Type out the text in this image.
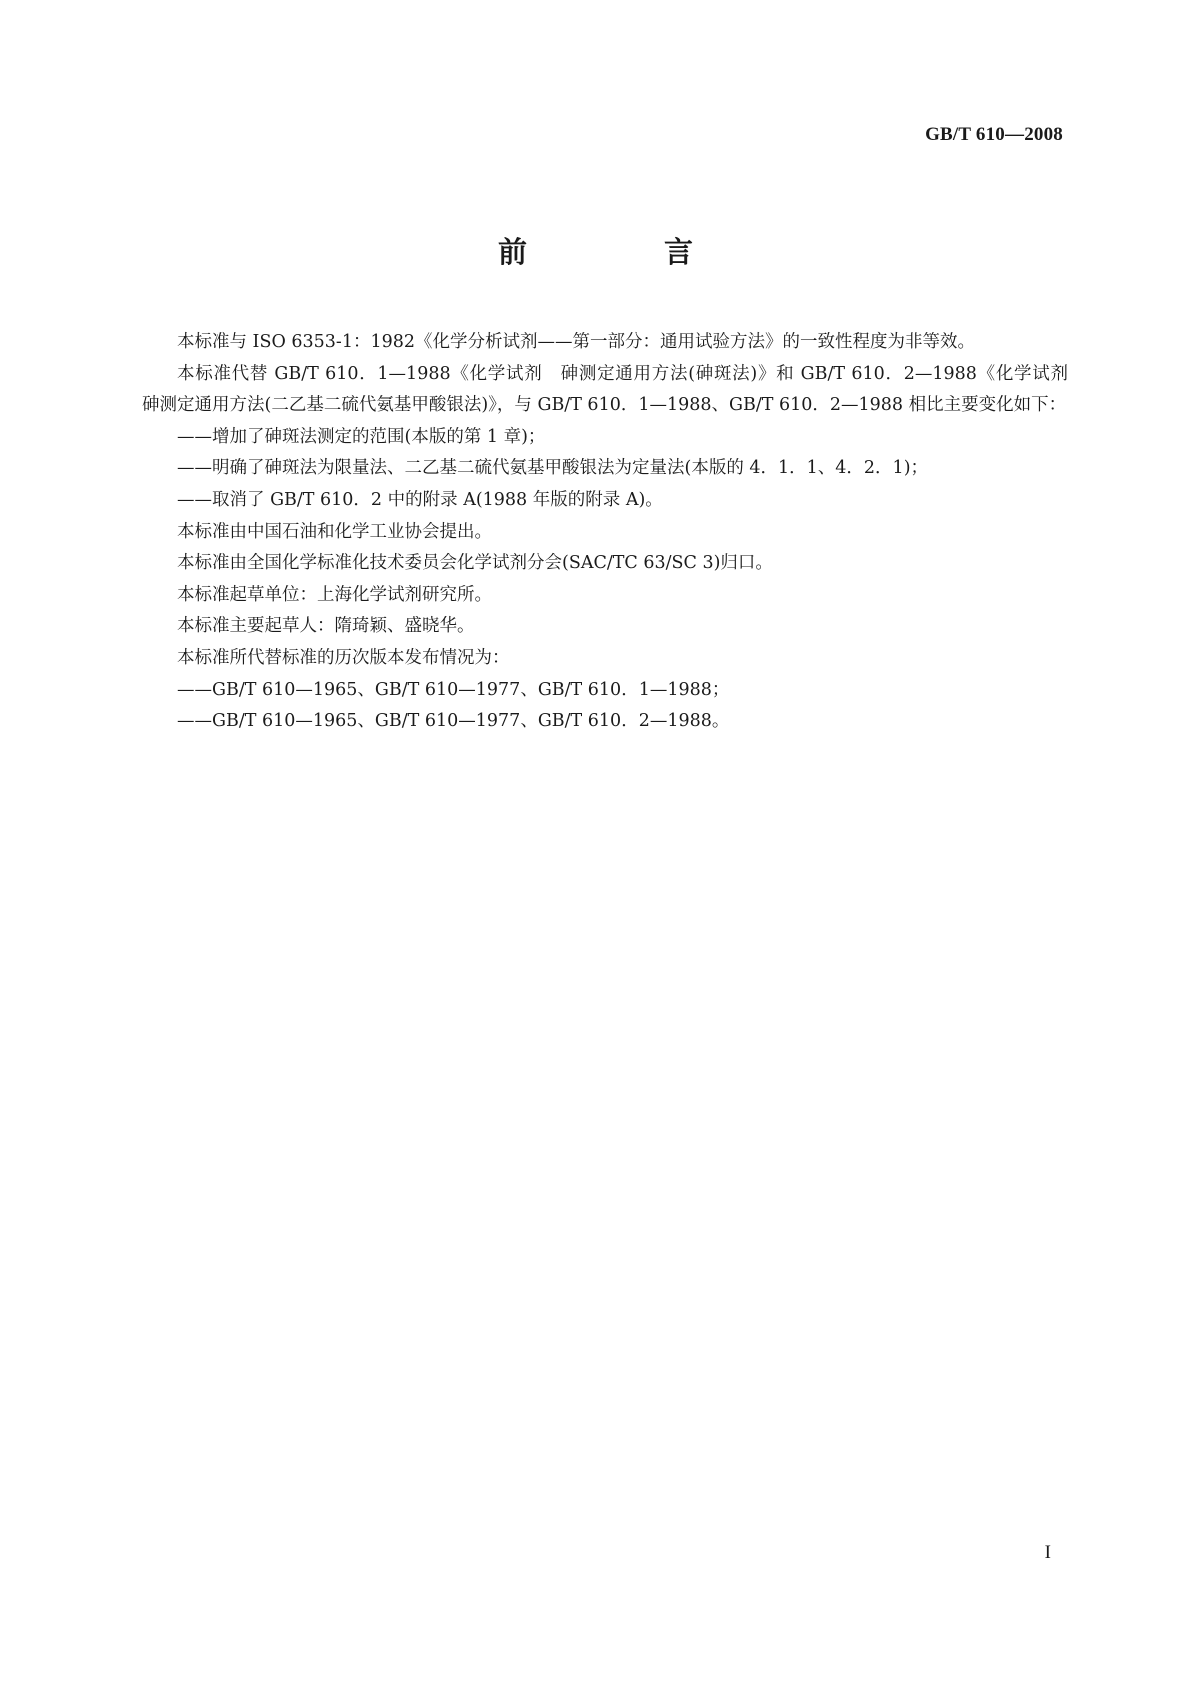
GB/T 610—2008
前　言

本标准与 ISO 6353-1：1982《化学分析试剂——第一部分：通用试验方法》的一致性程度为非等效。

本标准代替 GB/T 610．1—1988《化学试剂　砷测定通用方法(砷斑法)》和 GB/T 610．2—1988《化学试剂　砷测定通用方法(二乙基二硫代氨基甲酸银法)》，与 GB/T 610．1—1988、GB/T 610．2—1988 相比主要变化如下：

——增加了砷斑法测定的范围(本版的第 1 章)；

——明确了砷斑法为限量法、二乙基二硫代氨基甲酸银法为定量法(本版的 4．1．1、4．2．1)；

——取消了 GB/T 610．2 中的附录 A(1988 年版的附录 A)。

本标准由中国石油和化学工业协会提出。

本标准由全国化学标准化技术委员会化学试剂分会(SAC/TC 63/SC 3)归口。

本标准起草单位：上海化学试剂研究所。

本标准主要起草人：隋琦颖、盛晓华。

本标准所代替标准的历次版本发布情况为：

——GB/T 610—1965、GB/T 610—1977、GB/T 610．1—1988；

——GB/T 610—1965、GB/T 610—1977、GB/T 610．2—1988。

I
